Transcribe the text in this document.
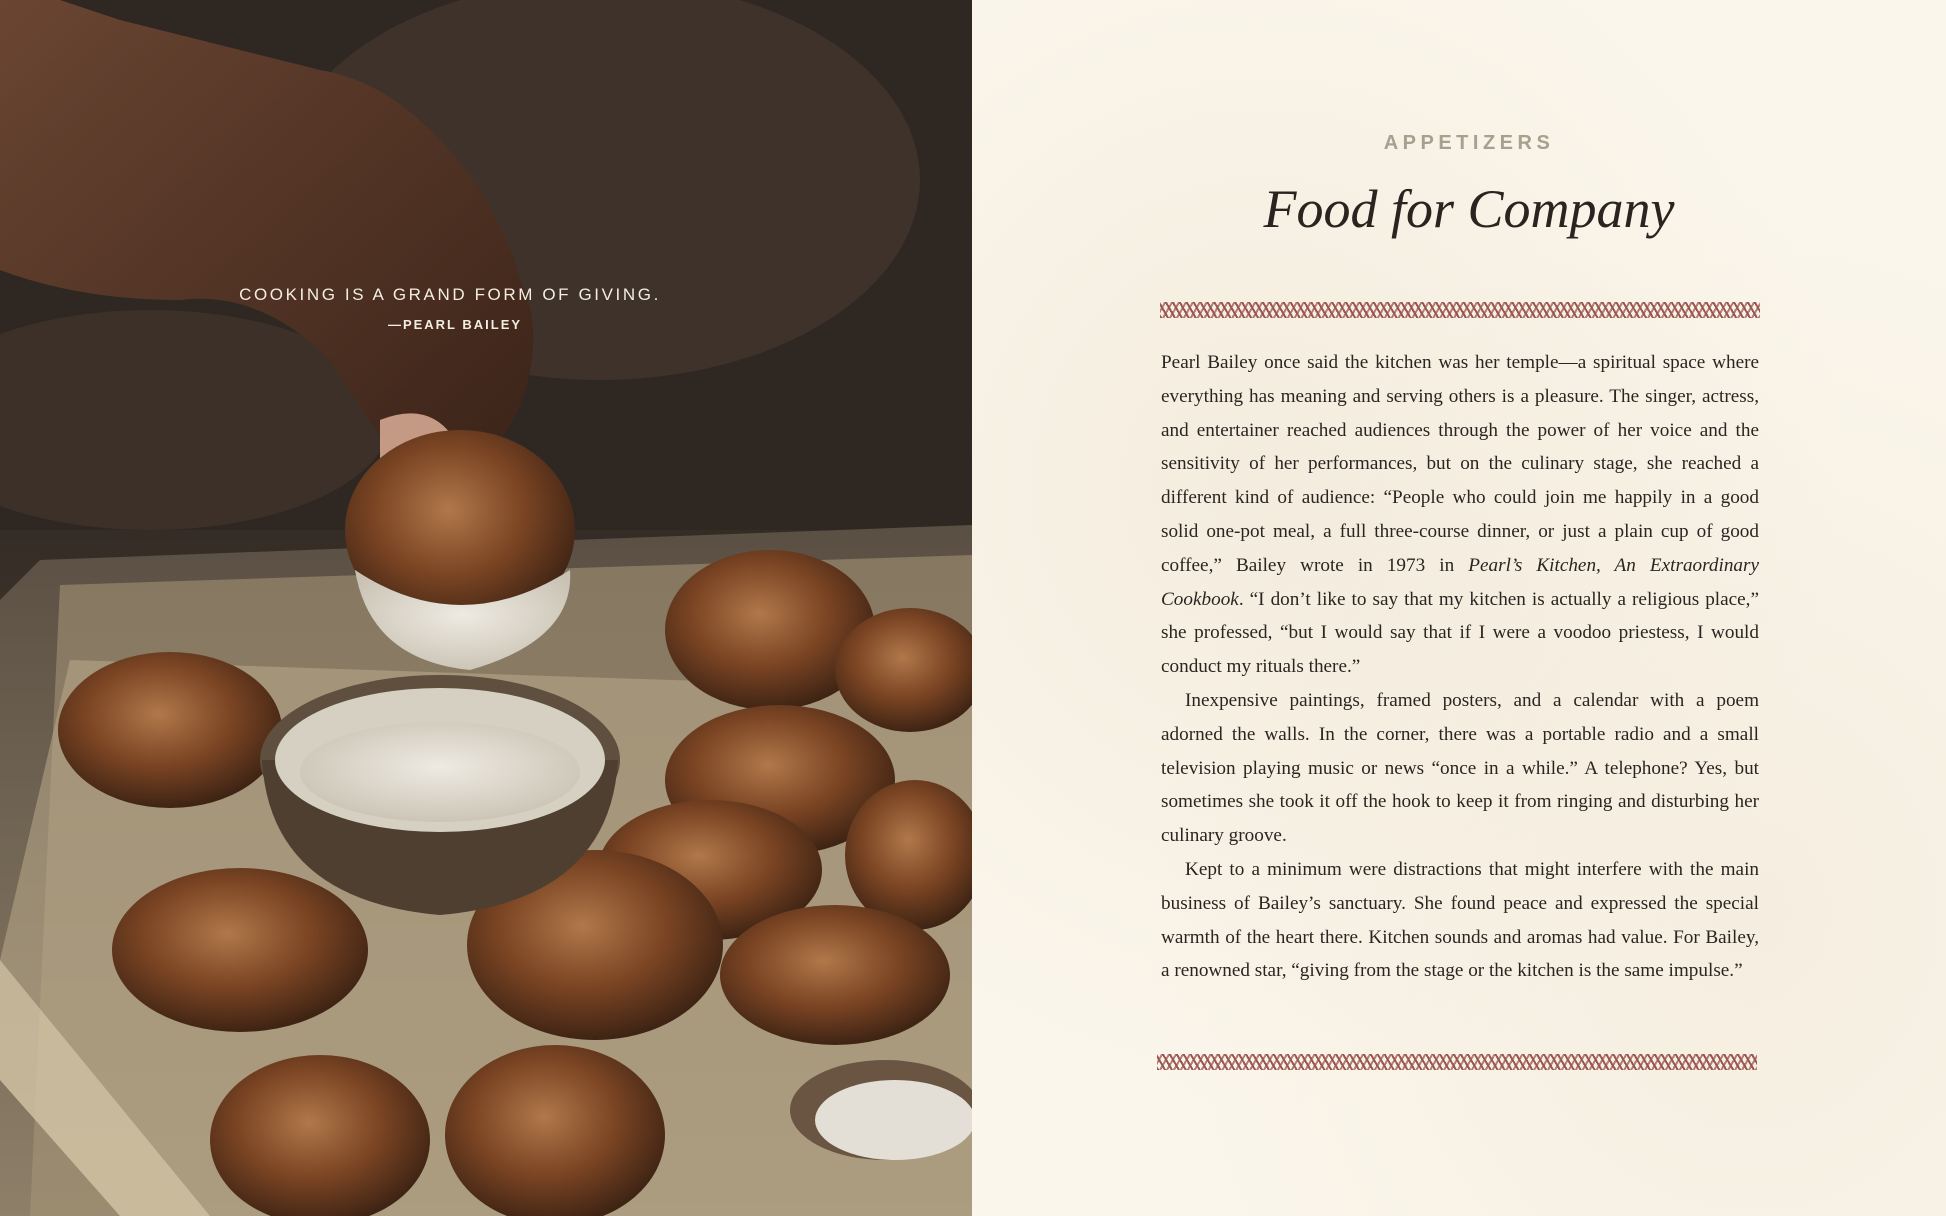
COOKING IS A GRAND FORM OF GIVING.
—PEARL BAILEY
APPETIZERS
Food for Company

Pearl Bailey once said the kitchen was her temple—a spiritual space where everything has meaning and serving others is a pleasure. The singer, actress, and entertainer reached audiences through the power of her voice and the sensitivity of her performances, but on the culinary stage, she reached a different kind of audience: “People who could join me happily in a good solid one-pot meal, a full three-course dinner, or just a plain cup of good coffee,” Bailey wrote in 1973 in Pearl’s Kitchen, An Extraordinary Cookbook. “I don’t like to say that my kitchen is actually a religious place,” she professed, “but I would say that if I were a voodoo priestess, I would conduct my rituals there.”

Inexpensive paintings, framed posters, and a calendar with a poem adorned the walls. In the corner, there was a portable radio and a small television playing music or news “once in a while.” A telephone? Yes, but sometimes she took it off the hook to keep it from ringing and disturbing her culinary groove.

Kept to a minimum were distractions that might interfere with the main business of Bailey’s sanctuary. She found peace and expressed the special warmth of the heart there. Kitchen sounds and aromas had value. For Bailey, a renowned star, “giving from the stage or the kitchen is the same impulse.”
